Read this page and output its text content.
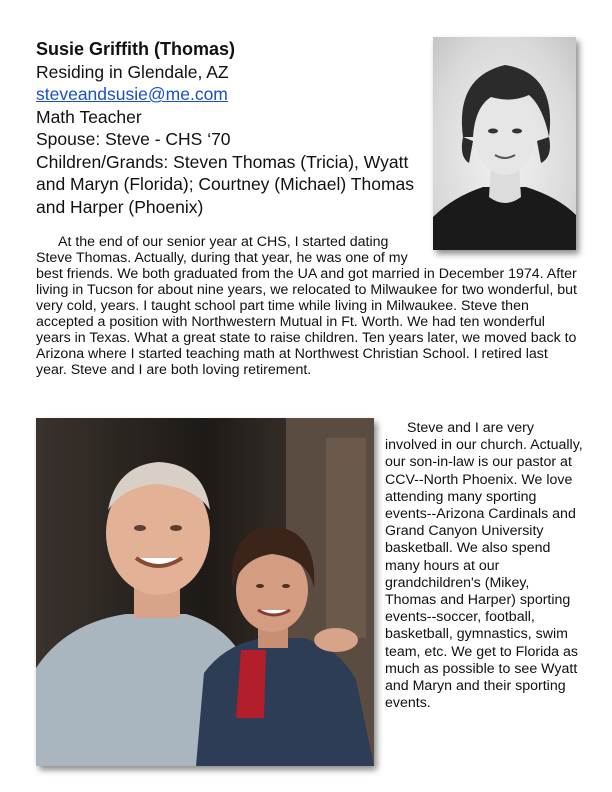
Susie Griffith (Thomas)
Residing in Glendale, AZ
steveandsusie@me.com
Math Teacher
Spouse: Steve - CHS ‘70
Children/Grands: Steven Thomas (Tricia), Wyatt and Maryn (Florida); Courtney (Michael) Thomas and Harper (Phoenix)
At the end of our senior year at CHS, I started dating Steve Thomas. Actually, during that year, he was one of my best friends. We both graduated from the UA and got married in December 1974. After living in Tucson for about nine years, we relocated to Milwaukee for two wonderful, but very cold, years. I taught school part time while living in Milwaukee. Steve then accepted a position with Northwestern Mutual in Ft. Worth. We had ten wonderful years in Texas. What a great state to raise children. Ten years later, we moved back to Arizona where I started teaching math at Northwest Christian School. I retired last year. Steve and I are both loving retirement.
Steve and I are very involved in our church. Actually, our son-in-law is our pastor at CCV--North Phoenix. We love attending many sporting events--Arizona Cardinals and Grand Canyon University basketball. We also spend many hours at our grandchildren's (Mikey, Thomas and Harper) sporting events--soccer, football, basketball, gymnastics, swim team, etc. We get to Florida as much as possible to see Wyatt and Maryn and their sporting events.
